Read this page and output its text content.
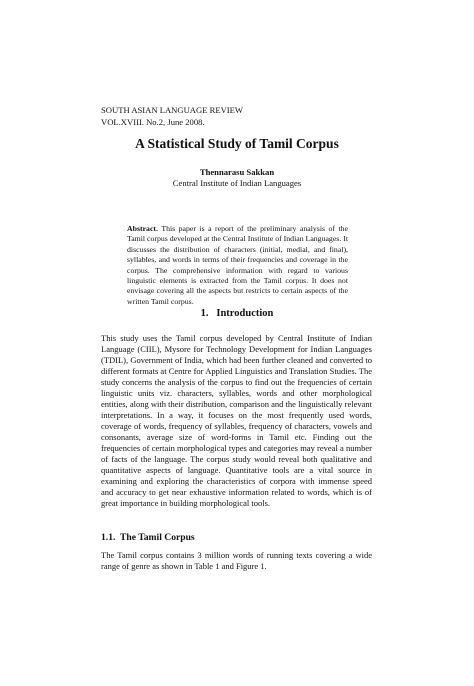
SOUTH ASIAN LANGUAGE REVIEW
VOL.XVIII. No.2, June 2008.
A Statistical Study of Tamil Corpus
Thennarasu Sakkan
Central Institute of Indian Languages

Abstract. This paper is a report of the preliminary analysis of the Tamil corpus developed at the Central Institute of Indian Languages. It discusses the distribution of characters (initial, medial, and final), syllables, and words in terms of their frequencies and coverage in the corpus. The comprehensive information with regard to various linguistic elements is extracted from the Tamil corpus. It does not envisage covering all the aspects but restricts to certain aspects of the written Tamil corpus.

1. Introduction

This study uses the Tamil corpus developed by Central Institute of Indian Language (CIIL), Mysore for Technology Development for Indian Languages (TDIL), Government of India, which had been further cleaned and converted to different formats at Centre for Applied Linguistics and Translation Studies. The study concerns the analysis of the corpus to find out the frequencies of certain linguistic units viz. characters, syllables, words and other morphological entities, along with their distribution, comparison and the linguistically relevant interpretations. In a way, it focuses on the most frequently used words, coverage of words, frequency of syllables, frequency of characters, vowels and consonants, average size of word-forms in Tamil etc. Finding out the frequencies of certain morphological types and categories may reveal a number of facts of the language. The corpus study would reveal both qualitative and quantitative aspects of language. Quantitative tools are a vital source in examining and exploring the characteristics of corpora with immense speed and accuracy to get near exhaustive information related to words, which is of great importance in building morphological tools.

1.1. The Tamil Corpus

The Tamil corpus contains 3 million words of running texts covering a wide range of genre as shown in Table 1 and Figure 1.
